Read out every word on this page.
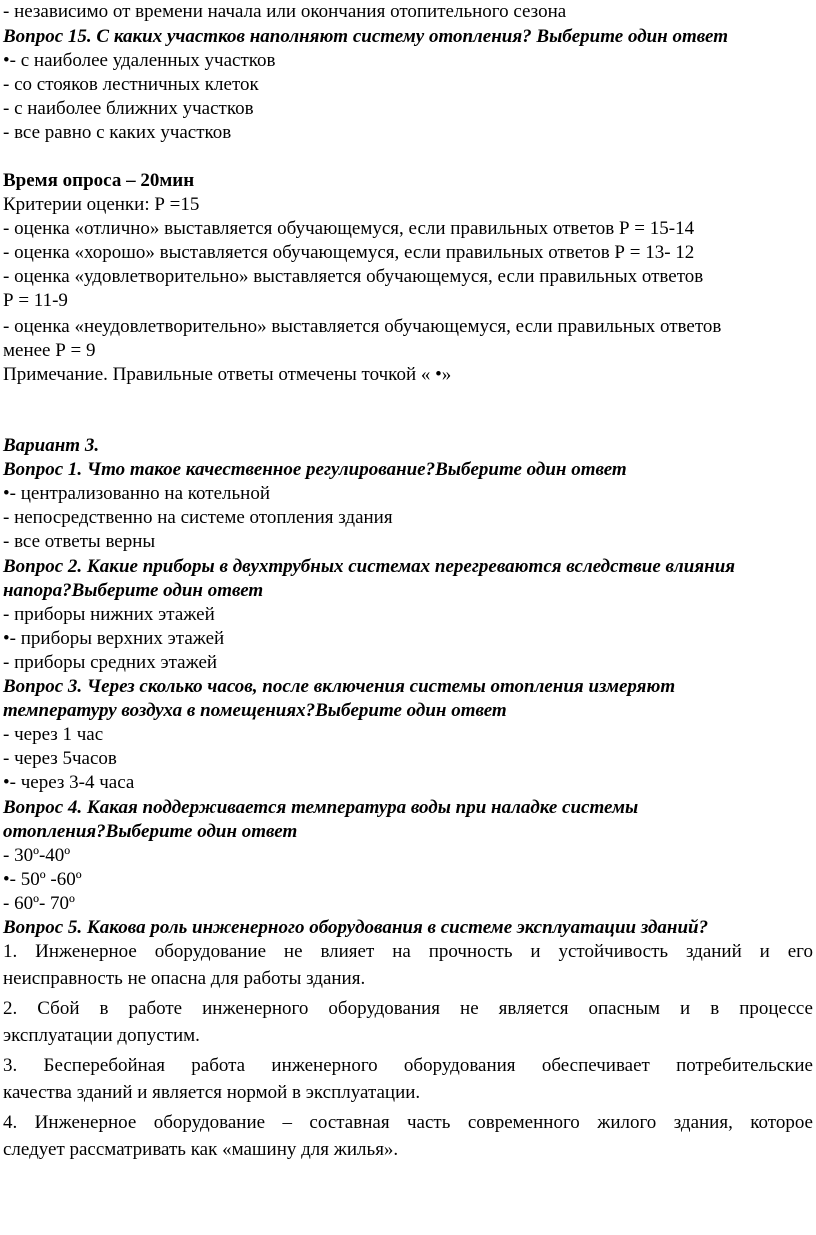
- независимо от времени начала или окончания отопительного сезона
Вопрос 15. С каких участков наполняют систему отопления? Выберите один ответ
•- с наиболее удаленных участков
- со стояков лестничных клеток
- с наиболее ближних участков
- все равно с каких участков
Время опроса – 20мин
Критерии оценки: Р =15
- оценка «отлично» выставляется обучающемуся, если правильных ответов Р = 15-14
- оценка «хорошо» выставляется обучающемуся, если правильных ответов Р = 13- 12
- оценка «удовлетворительно» выставляется обучающемуся, если правильных ответов
Р = 11-9
- оценка «неудовлетворительно» выставляется обучающемуся, если правильных ответов
менее Р = 9
Примечание. Правильные ответы отмечены точкой « •»
Вариант 3.
Вопрос 1. Что такое качественное регулирование?Выберите один ответ
•- централизованно на котельной
- непосредственно на системе отопления здания
- все ответы верны
Вопрос 2. Какие приборы в двухтрубных системах перегреваются вследствие влияния
напора?Выберите один ответ
- приборы нижних этажей
•- приборы верхних этажей
- приборы средних этажей
Вопрос 3. Через сколько часов, после включения системы отопления измеряют
температуру воздуха в помещениях?Выберите один ответ
- через 1 час
- через 5часов
•- через 3-4 часа
Вопрос 4. Какая поддерживается температура воды при наладке системы
отопления?Выберите один ответ
- 30º-40º
•- 50º -60º
- 60º- 70º
Вопрос 5. Какова роль инженерного оборудования в системе эксплуатации зданий?
1. Инженерное оборудование не влияет на прочность и устойчивость зданий и его
неисправность не опасна для работы здания.
2. Сбой в работе инженерного оборудования не является опасным и в процессе
эксплуатации допустим.
3. Бесперебойная работа инженерного оборудования обеспечивает потребительские
качества зданий и является нормой в эксплуатации.
4. Инженерное оборудование – составная часть современного жилого здания, которое
следует рассматривать как «машину для жилья».
